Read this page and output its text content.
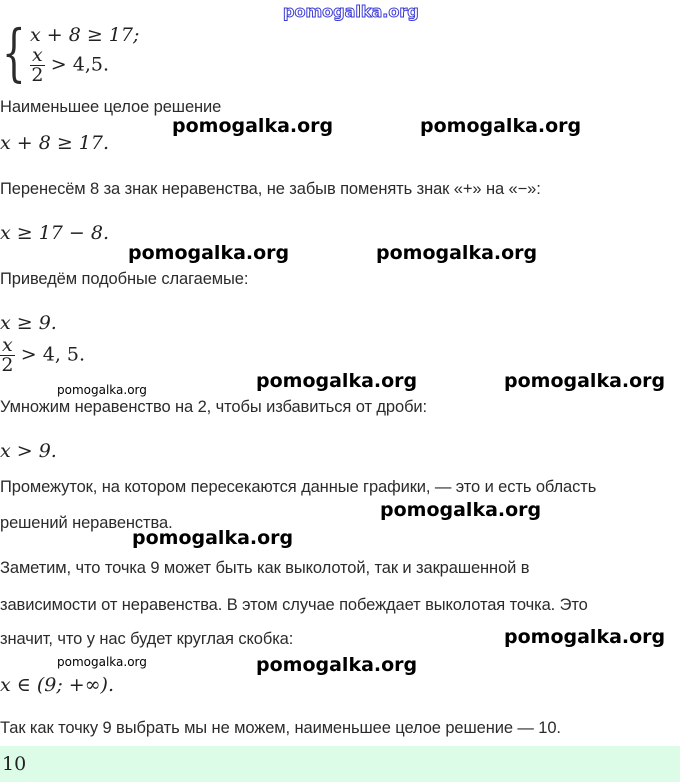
pomogalka.org
{ x + 8 ≥ 17;
$\frac{x}{2} > 4,5$.
Наименьшее целое решение
pomogalka.org	pomogalka.org
x + 8 ≥ 17.
Перенесём 8 за знак неравенства, не забыв поменять знак «+» на «−»:
x ≥ 17 − 8.
pomogalka.org	pomogalka.org
Приведём подобные слагаемые:
x ≥ 9.
$\frac{x}{2} > 4$, 5.
pomogalka.org	pomogalka.org	pomogalka.org
Умножим неравенство на 2, чтобы избавиться от дроби:
x > 9.
Промежуток, на котором пересекаются данные графики, — это и есть область
pomogalka.org
решений неравенства.
pomogalka.org
Заметим, что точка 9 может быть как выколотой, так и закрашенной в
зависимости от неравенства. В этом случае побеждает выколотая точка. Это
pomogalka.org
значит, что у нас будет круглая скобка:
pomogalka.org	pomogalka.org
x ∈ (9; +∞).
Так как точку 9 выбрать мы не можем, наименьшее целое решение — 10.
10
